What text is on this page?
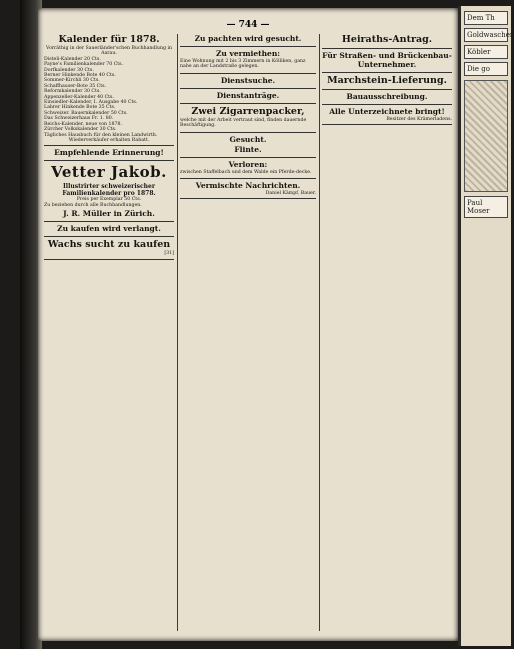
— 744 —
Kalender für 1878.
Vorräthig in der Sauerländer'schen Buchhandlung in Aarau.
Disteli-Kalender 20 Cts.
Payne's Familienkalender 70 Cts.
Dorfkalender 30 Cts.
Berner Hinkende Bote 40 Cts.
Sommer-Kirchli 30 Cts.
Schaffhauser-Bote 35 Cts.
Reformkalender 30 Cts.
Appenzeller-Kalender 40 Cts.
Einsiedler-Kalender, I. Ausgabe 40 Cts.
Lahrer Hinkende Bote 35 Cts.
Schweizer. Bauernkalender 50 Cts.
Das Schweizerhaus Fr. 1. 80.
Reichs-Kalender, neue von 1878.
Zürcher Volkskalender 30 Cts.
Tägliches Hausbuch für den kleinen Landwirth.
Wiederverkäufer erhalten Rabatt.
Empfehlende Erinnerung!
Vetter Jakob.
Illustrirter schweizerischer Familienkalender pro 1878.
Preis per Exemplar 50 Cts.
Zu beziehen durch alle Buchhandlungen.
J. R. Müller in Zürich.
Zu kaufen wird verlangt.
Wachs sucht zu kaufen
[31]
Zu pachten wird gesucht.
Zu vermiethen:

Eine Wohnung mit 2 bis 3 Zimmern in Kölliken, ganz nahe an der Landstraße gelegen.

Dienstsuche.
Dienstanträge.
Zwei Zigarrenpacker,

welche mit der Arbeit vertraut sind, finden dauernde Beschäftigung.

Gesucht.
Flinte.
Verloren:

zwischen Staffelbach und dem Walde ein Pferde-decke.

Vermischte Nachrichten.
Daniel Kämpf, Bauer.
Heiraths-Antrag.
Für Straßen- und Brückenbau-Unternehmer.
Marchstein-Lieferung.
Bauausschreibung.
Alle Unterzeichnete bringt!
Besitzer des Krämerladens.
Dem Th
Goldwaschen
Köbler
Die go
Paul Moser
